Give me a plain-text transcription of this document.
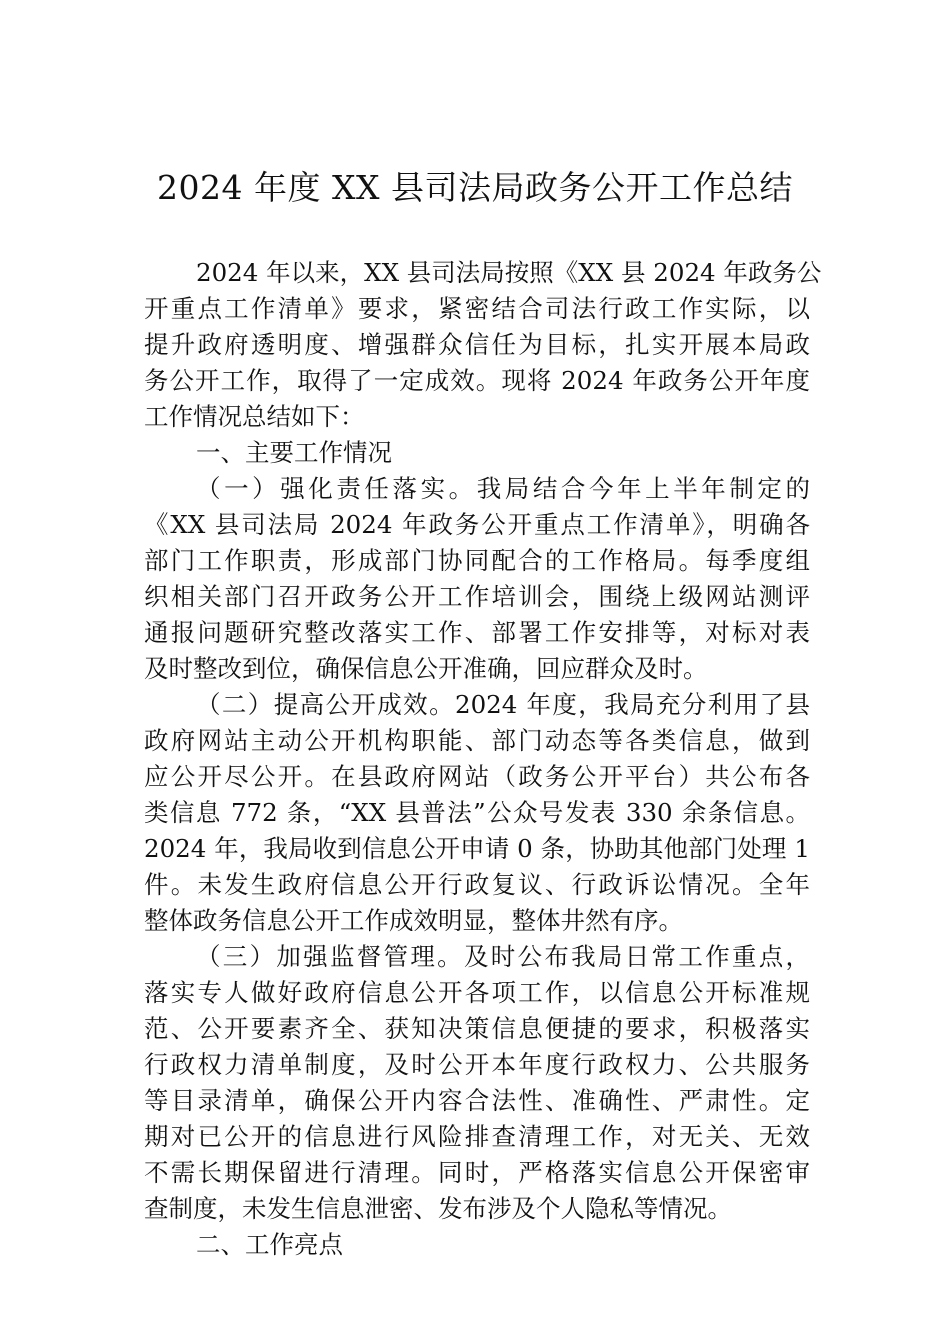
2024 年度 XX 县司法局政务公开工作总结
2024 年以来，XX 县司法局按照《XX 县 2024 年政务公
开重点工作清单》要求，紧密结合司法行政工作实际，以
提升政府透明度、增强群众信任为目标，扎实开展本局政
务公开工作，取得了一定成效。现将 2024 年政务公开年度
工作情况总结如下：
一、主要工作情况
（一）强化责任落实。我局结合今年上半年制定的
《XX 县司法局 2024 年政务公开重点工作清单》，明确各
部门工作职责，形成部门协同配合的工作格局。每季度组
织相关部门召开政务公开工作培训会，围绕上级网站测评
通报问题研究整改落实工作、部署工作安排等，对标对表
及时整改到位，确保信息公开准确，回应群众及时。
（二）提高公开成效。2024 年度，我局充分利用了县
政府网站主动公开机构职能、部门动态等各类信息，做到
应公开尽公开。在县政府网站（政务公开平台）共公布各
类信息 772 条，“XX 县普法”公众号发表 330 余条信息。
2024 年，我局收到信息公开申请 0 条，协助其他部门处理 1
件。未发生政府信息公开行政复议、行政诉讼情况。全年
整体政务信息公开工作成效明显，整体井然有序。
（三）加强监督管理。及时公布我局日常工作重点，
落实专人做好政府信息公开各项工作，以信息公开标准规
范、公开要素齐全、获知决策信息便捷的要求，积极落实
行政权力清单制度，及时公开本年度行政权力、公共服务
等目录清单，确保公开内容合法性、准确性、严肃性。定
期对已公开的信息进行风险排查清理工作，对无关、无效
不需长期保留进行清理。同时，严格落实信息公开保密审
查制度，未发生信息泄密、发布涉及个人隐私等情况。
二、工作亮点
